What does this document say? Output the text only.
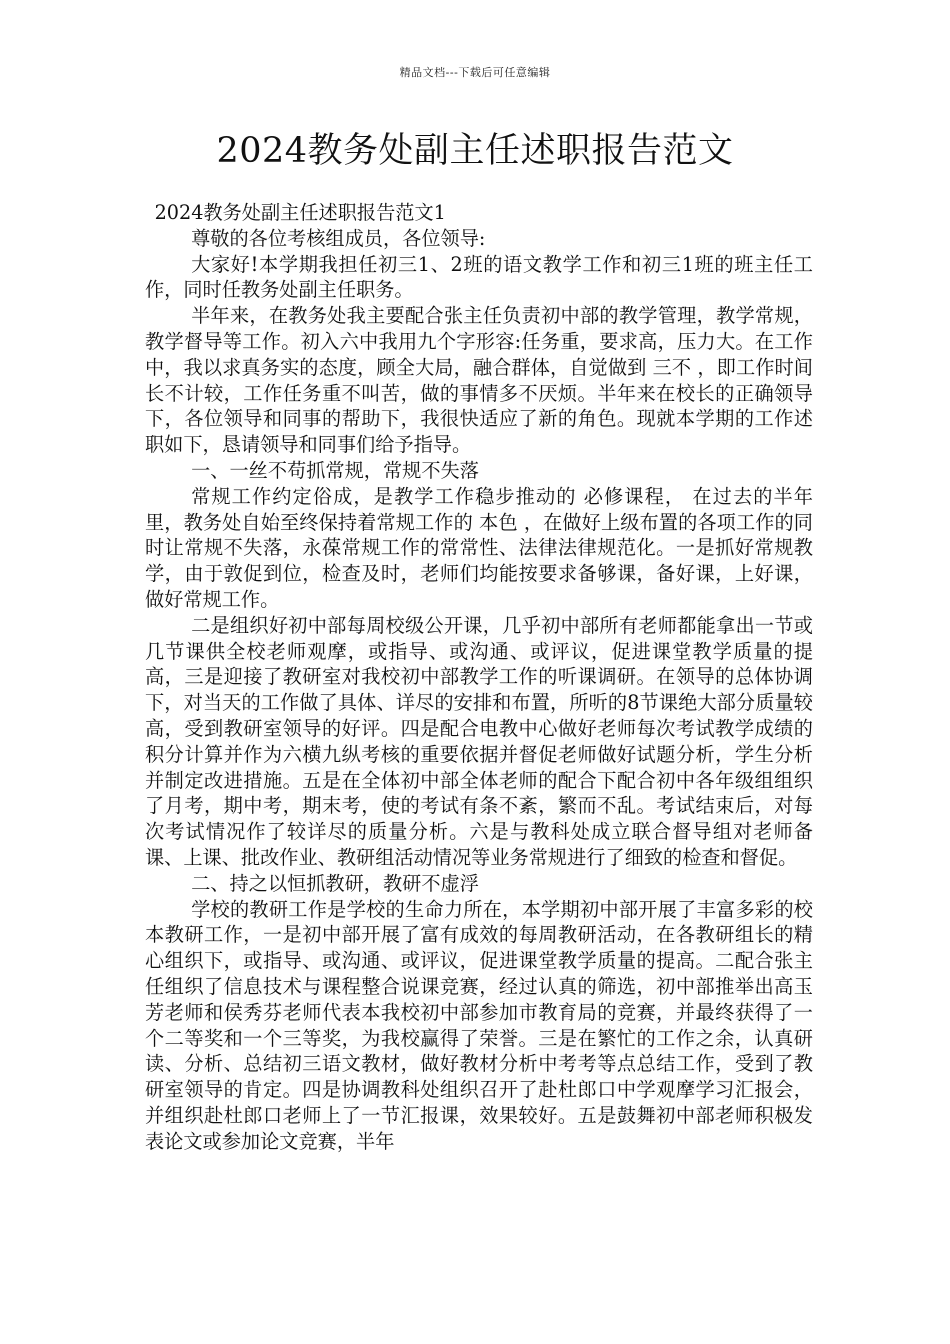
精品文档---下载后可任意编辑
2024教务处副主任述职报告范文

2024教务处副主任述职报告范文1

尊敬的各位考核组成员，各位领导:

大家好!本学期我担任初三1、2班的语文教学工作和初三1班的班主任工作，同时任教务处副主任职务。

半年来，在教务处我主要配合张主任负责初中部的教学管理，教学常规，教学督导等工作。初入六中我用九个字形容:任务重，要求高，压力大。在工作中，我以求真务实的态度，顾全大局，融合群体，自觉做到 三不 ，即工作时间长不计较，工作任务重不叫苦，做的事情多不厌烦。半年来在校长的正确领导下，各位领导和同事的帮助下，我很快适应了新的角色。现就本学期的工作述职如下，恳请领导和同事们给予指导。

一、一丝不苟抓常规，常规不失落

常规工作约定俗成，是教学工作稳步推动的 必修课程， 在过去的半年里，教务处自始至终保持着常规工作的 本色 ，在做好上级布置的各项工作的同时让常规不失落，永葆常规工作的常常性、法律法律规范化。一是抓好常规教学，由于敦促到位，检查及时，老师们均能按要求备够课，备好课，上好课，做好常规工作。

二是组织好初中部每周校级公开课，几乎初中部所有老师都能拿出一节或几节课供全校老师观摩，或指导、或沟通、或评议，促进课堂教学质量的提高，三是迎接了教研室对我校初中部教学工作的听课调研。在领导的总体协调下，对当天的工作做了具体、详尽的安排和布置，所听的8节课绝大部分质量较高，受到教研室领导的好评。四是配合电教中心做好老师每次考试教学成绩的积分计算并作为六横九纵考核的重要依据并督促老师做好试题分析，学生分析并制定改进措施。五是在全体初中部全体老师的配合下配合初中各年级组组织了月考，期中考，期末考，使的考试有条不紊，繁而不乱。考试结束后，对每次考试情况作了较详尽的质量分析。六是与教科处成立联合督导组对老师备课、上课、批改作业、教研组活动情况等业务常规进行了细致的检查和督促。

二、持之以恒抓教研，教研不虚浮

学校的教研工作是学校的生命力所在，本学期初中部开展了丰富多彩的校本教研工作，一是初中部开展了富有成效的每周教研活动，在各教研组长的精心组织下，或指导、或沟通、或评议，促进课堂教学质量的提高。二配合张主任组织了信息技术与课程整合说课竞赛，经过认真的筛选，初中部推举出高玉芳老师和侯秀芬老师代表本我校初中部参加市教育局的竞赛，并最终获得了一个二等奖和一个三等奖，为我校赢得了荣誉。三是在繁忙的工作之余，认真研读、分析、总结初三语文教材，做好教材分析中考考等点总结工作，受到了教研室领导的肯定。四是协调教科处组织召开了赴杜郎口中学观摩学习汇报会，并组织赴杜郎口老师上了一节汇报课，效果较好。五是鼓舞初中部老师积极发表论文或参加论文竞赛，半年
